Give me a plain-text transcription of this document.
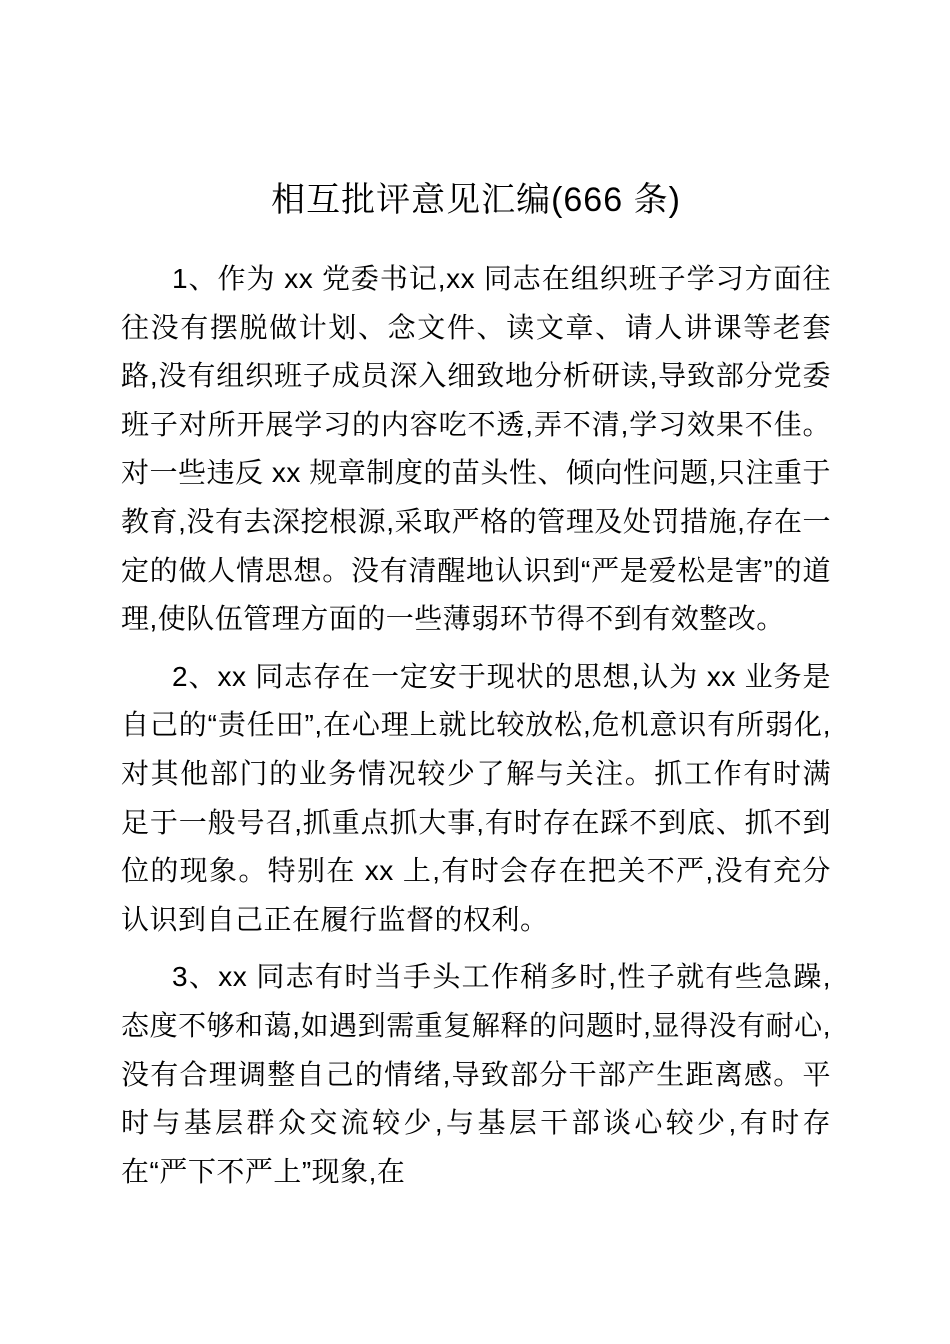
相互批评意见汇编(666 条)

1、作为 xx 党委书记,xx 同志在组织班子学习方面往往没有摆脱做计划、念文件、读文章、请人讲课等老套路,没有组织班子成员深入细致地分析研读,导致部分党委班子对所开展学习的内容吃不透,弄不清,学习效果不佳。对一些违反 xx 规章制度的苗头性、倾向性问题,只注重于教育,没有去深挖根源,采取严格的管理及处罚措施,存在一定的做人情思想。没有清醒地认识到“严是爱松是害”的道理,使队伍管理方面的一些薄弱环节得不到有效整改。

2、xx 同志存在一定安于现状的思想,认为 xx 业务是自己的“责任田”,在心理上就比较放松,危机意识有所弱化,对其他部门的业务情况较少了解与关注。抓工作有时满足于一般号召,抓重点抓大事,有时存在踩不到底、抓不到位的现象。特别在 xx 上,有时会存在把关不严,没有充分认识到自己正在履行监督的权利。

3、xx 同志有时当手头工作稍多时,性子就有些急躁,态度不够和蔼,如遇到需重复解释的问题时,显得没有耐心,没有合理调整自己的情绪,导致部分干部产生距离感。平时与基层群众交流较少,与基层干部谈心较少,有时存在“严下不严上”现象,在
